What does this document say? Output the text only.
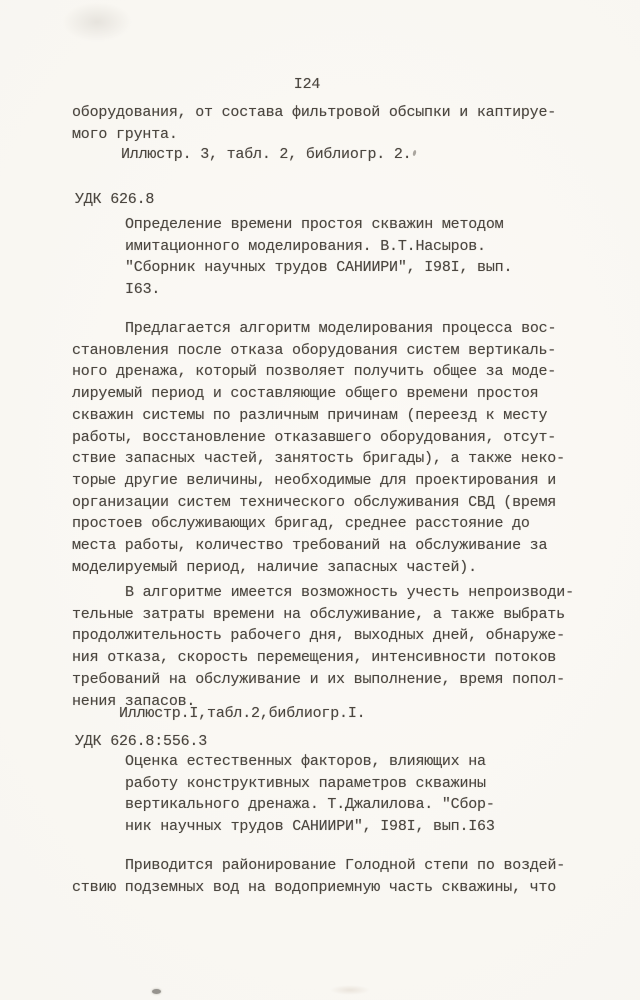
I24
оборудования, от состава фильтровой обсыпки и каптируе-
мого грунта.
Иллюстр. 3, табл. 2, библиогр. 2.
УДК 626.8
Определение времени простоя скважин методом
имитационного моделирования. В.Т.Насыров.
"Сборник научных трудов САНИИРИ", I98I, вып.
I63.
Предлагается алгоритм моделирования процесса вос-
становления после отказа оборудования систем вертикаль-
ного дренажа, который позволяет получить общее за моде-
лируемый период и составляющие общего времени простоя
скважин системы по различным причинам (переезд к месту
работы, восстановление отказавшего оборудования, отсут-
ствие запасных частей, занятость бригады), а также неко-
торые другие величины, необходимые для проектирования и
организации систем технического обслуживания СВД (время
простоев обслуживающих бригад, среднее расстояние до
места работы, количество требований на обслуживание за
моделируемый период, наличие запасных частей).
В алгоритме имеется возможность учесть непроизводи-
тельные затраты времени на обслуживание, а также выбрать
продолжительность рабочего дня, выходных дней, обнаруже-
ния отказа, скорость перемещения, интенсивности потоков
требований на обслуживание и их выполнение, время попол-
нения запасов.
Иллюстр.I,табл.2,библиогр.I.
УДК 626.8:556.3
Оценка естественных факторов, влияющих на
работу конструктивных параметров скважины
вертикального дренажа. Т.Джалилова. "Сбор-
ник научных трудов САНИИРИ", I98I, вып.I63
Приводится районирование Голодной степи по воздей-
ствию подземных вод на водоприемную часть скважины, что
